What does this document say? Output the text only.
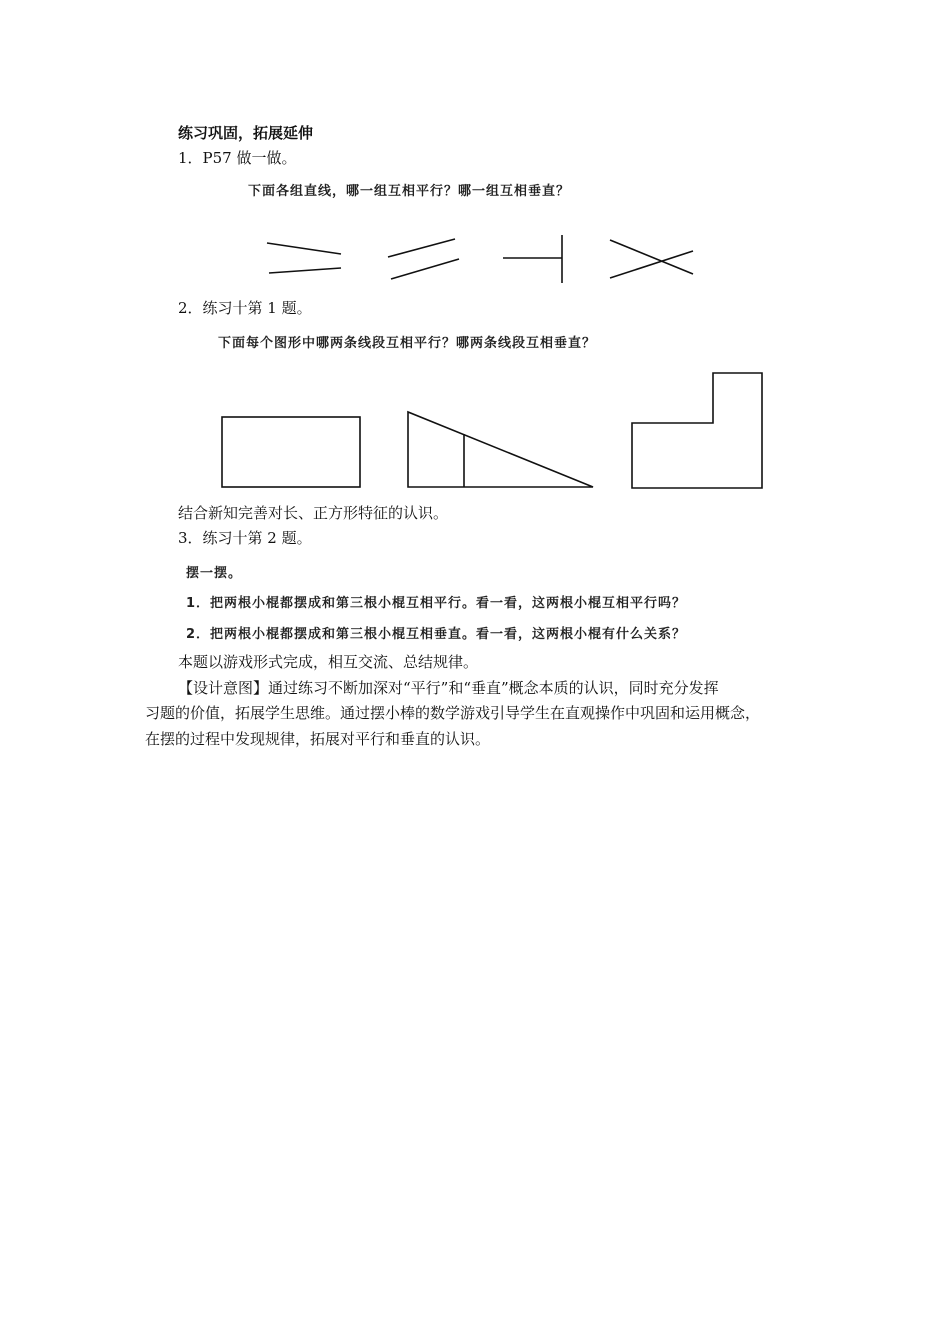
练习巩固，拓展延伸
1．P57 做一做。
下面各组直线，哪一组互相平行？哪一组互相垂直？
2．练习十第 1 题。
下面每个图形中哪两条线段互相平行？哪两条线段互相垂直？
结合新知完善对长、正方形特征的认识。
3．练习十第 2 题。
摆一摆。
1．把两根小棍都摆成和第三根小棍互相平行。看一看，这两根小棍互相平行吗？
2．把两根小棍都摆成和第三根小棍互相垂直。看一看，这两根小棍有什么关系？
本题以游戏形式完成，相互交流、总结规律。
【设计意图】通过练习不断加深对“平行”和“垂直”概念本质的认识，同时充分发挥
习题的价值，拓展学生思维。通过摆小棒的数学游戏引导学生在直观操作中巩固和运用概念，
在摆的过程中发现规律，拓展对平行和垂直的认识。
